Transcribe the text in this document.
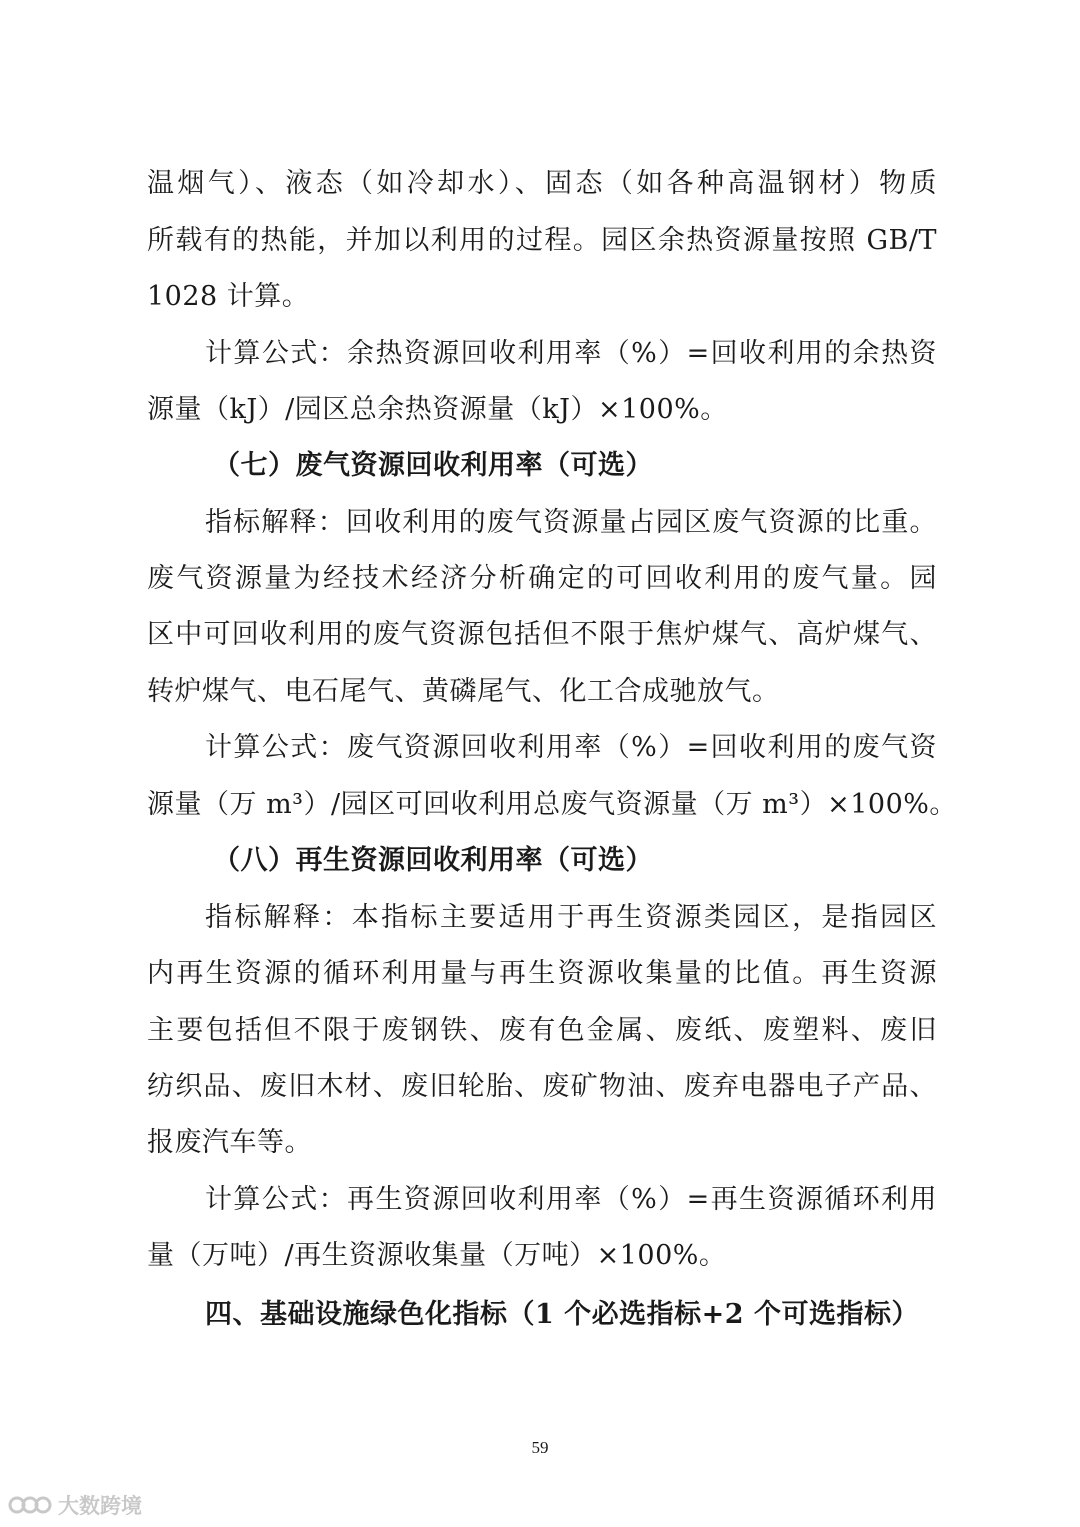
温烟气）、液态（如冷却水）、固态（如各种高温钢材）物质
所载有的热能，并加以利用的过程。园区余热资源量按照 GB/T
1028 计算。
计算公式：余热资源回收利用率（%）=回收利用的余热资
源量（kJ）/园区总余热资源量（kJ）×100%。
（七）废气资源回收利用率（可选）
指标解释：回收利用的废气资源量占园区废气资源的比重。
废气资源量为经技术经济分析确定的可回收利用的废气量。园
区中可回收利用的废气资源包括但不限于焦炉煤气、高炉煤气、
转炉煤气、电石尾气、黄磷尾气、化工合成驰放气。
计算公式：废气资源回收利用率（%）=回收利用的废气资
源量（万 m³）/园区可回收利用总废气资源量（万 m³）×100%。
（八）再生资源回收利用率（可选）
指标解释：本指标主要适用于再生资源类园区，是指园区
内再生资源的循环利用量与再生资源收集量的比值。再生资源
主要包括但不限于废钢铁、废有色金属、废纸、废塑料、废旧
纺织品、废旧木材、废旧轮胎、废矿物油、废弃电器电子产品、
报废汽车等。
计算公式：再生资源回收利用率（%）=再生资源循环利用
量（万吨）/再生资源收集量（万吨）×100%。
四、基础设施绿色化指标（1 个必选指标+2 个可选指标）
59
大数跨境
